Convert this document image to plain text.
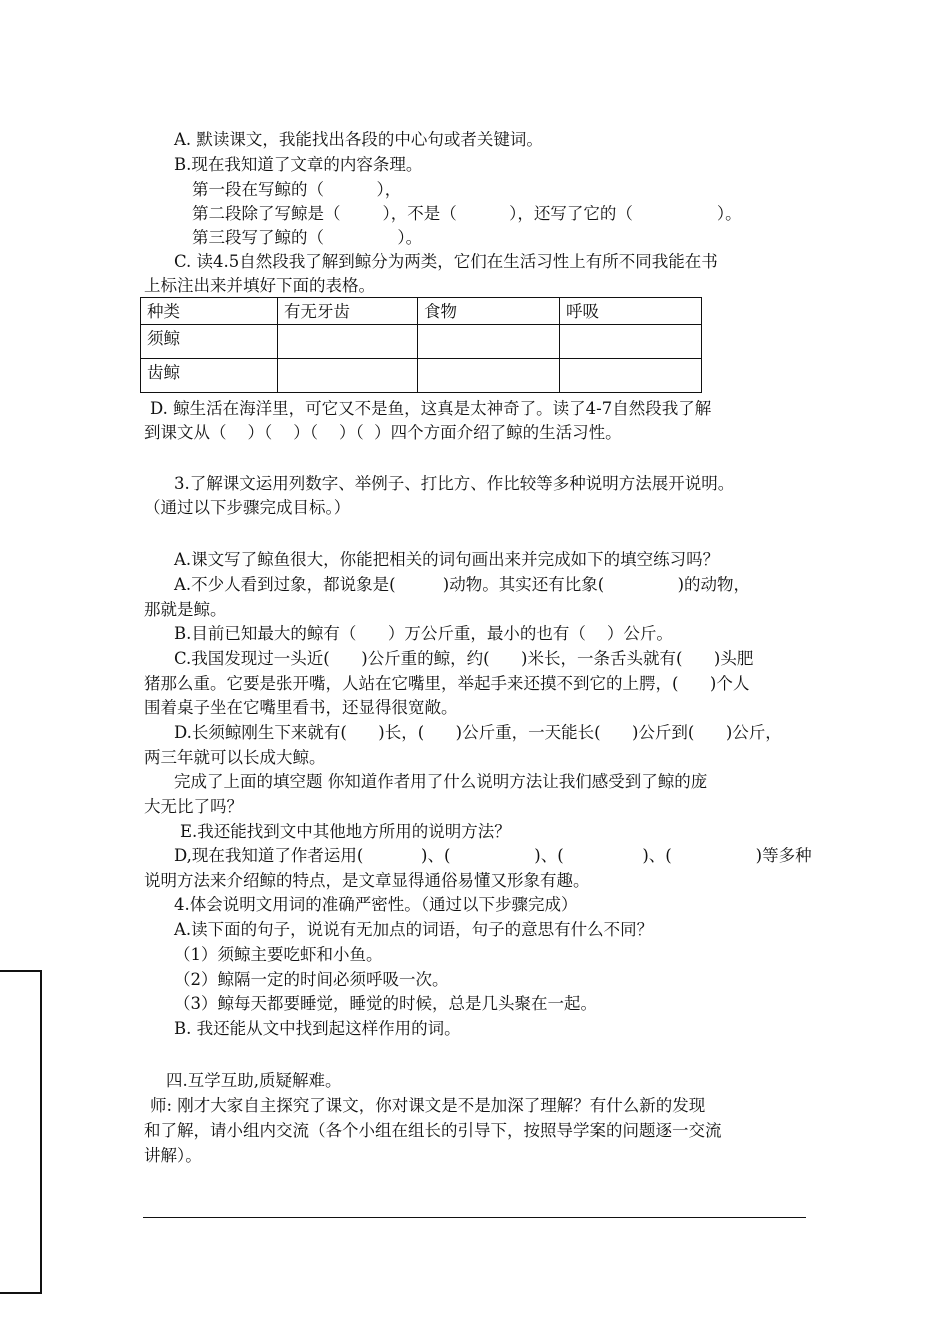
A. 默读课文，我能找出各段的中心句或者关键词。
B.现在我知道了文章的内容条理。
第一段在写鲸的（          ），
第二段除了写鲸是（        ），不是（          ），还写了它的（                ）。
第三段写了鲸的（              ）。
C. 读4.5自然段我了解到鲸分为两类，它们在生活习性上有所不同我能在书
上标注出来并填好下面的表格。
种类	有无牙齿	食物	呼吸
须鲸			
齿鲸			
D. 鲸生活在海洋里，可它又不是鱼，这真是太神奇了。读了4-7自然段我了解
到课文从（    ）（    ）（    ）（  ）四个方面介绍了鲸的生活习性。
3.了解课文运用列数字、举例子、打比方、作比较等多种说明方法展开说明。
（通过以下步骤完成目标。）
A.课文写了鲸鱼很大，你能把相关的词句画出来并完成如下的填空练习吗？
A.不少人看到过象，都说象是(         )动物。其实还有比象(              )的动物，
那就是鲸。
B.目前已知最大的鲸有（      ）万公斤重，最小的也有（    ）公斤。
C.我国发现过一头近(      )公斤重的鲸，约(      )米长，一条舌头就有(      )头肥
猪那么重。它要是张开嘴，人站在它嘴里，举起手来还摸不到它的上腭，(      )个人
围着桌子坐在它嘴里看书，还显得很宽敞。
D.长须鲸刚生下来就有(      )长，(      )公斤重，一天能长(      )公斤到(      )公斤，
两三年就可以长成大鲸。
完成了上面的填空题 你知道作者用了什么说明方法让我们感受到了鲸的庞
大无比了吗？
E.我还能找到文中其他地方所用的说明方法？
D,现在我知道了作者运用(           )、(                )、(               )、(                )等多种
说明方法来介绍鲸的特点，是文章显得通俗易懂又形象有趣。
4.体会说明文用词的准确严密性。（通过以下步骤完成）
A.读下面的句子，说说有无加点的词语，句子的意思有什么不同？
（1）须鲸主要吃虾和小鱼。
（2）鲸隔一定的时间必须呼吸一次。
（3）鲸每天都要睡觉，睡觉的时候，总是几头聚在一起。
B. 我还能从文中找到起这样作用的词。
四.互学互助,质疑解难。
师: 刚才大家自主探究了课文，你对课文是不是加深了理解？有什么新的发现
和了解，请小组内交流（各个小组在组长的引导下，按照导学案的问题逐一交流
讲解）。
